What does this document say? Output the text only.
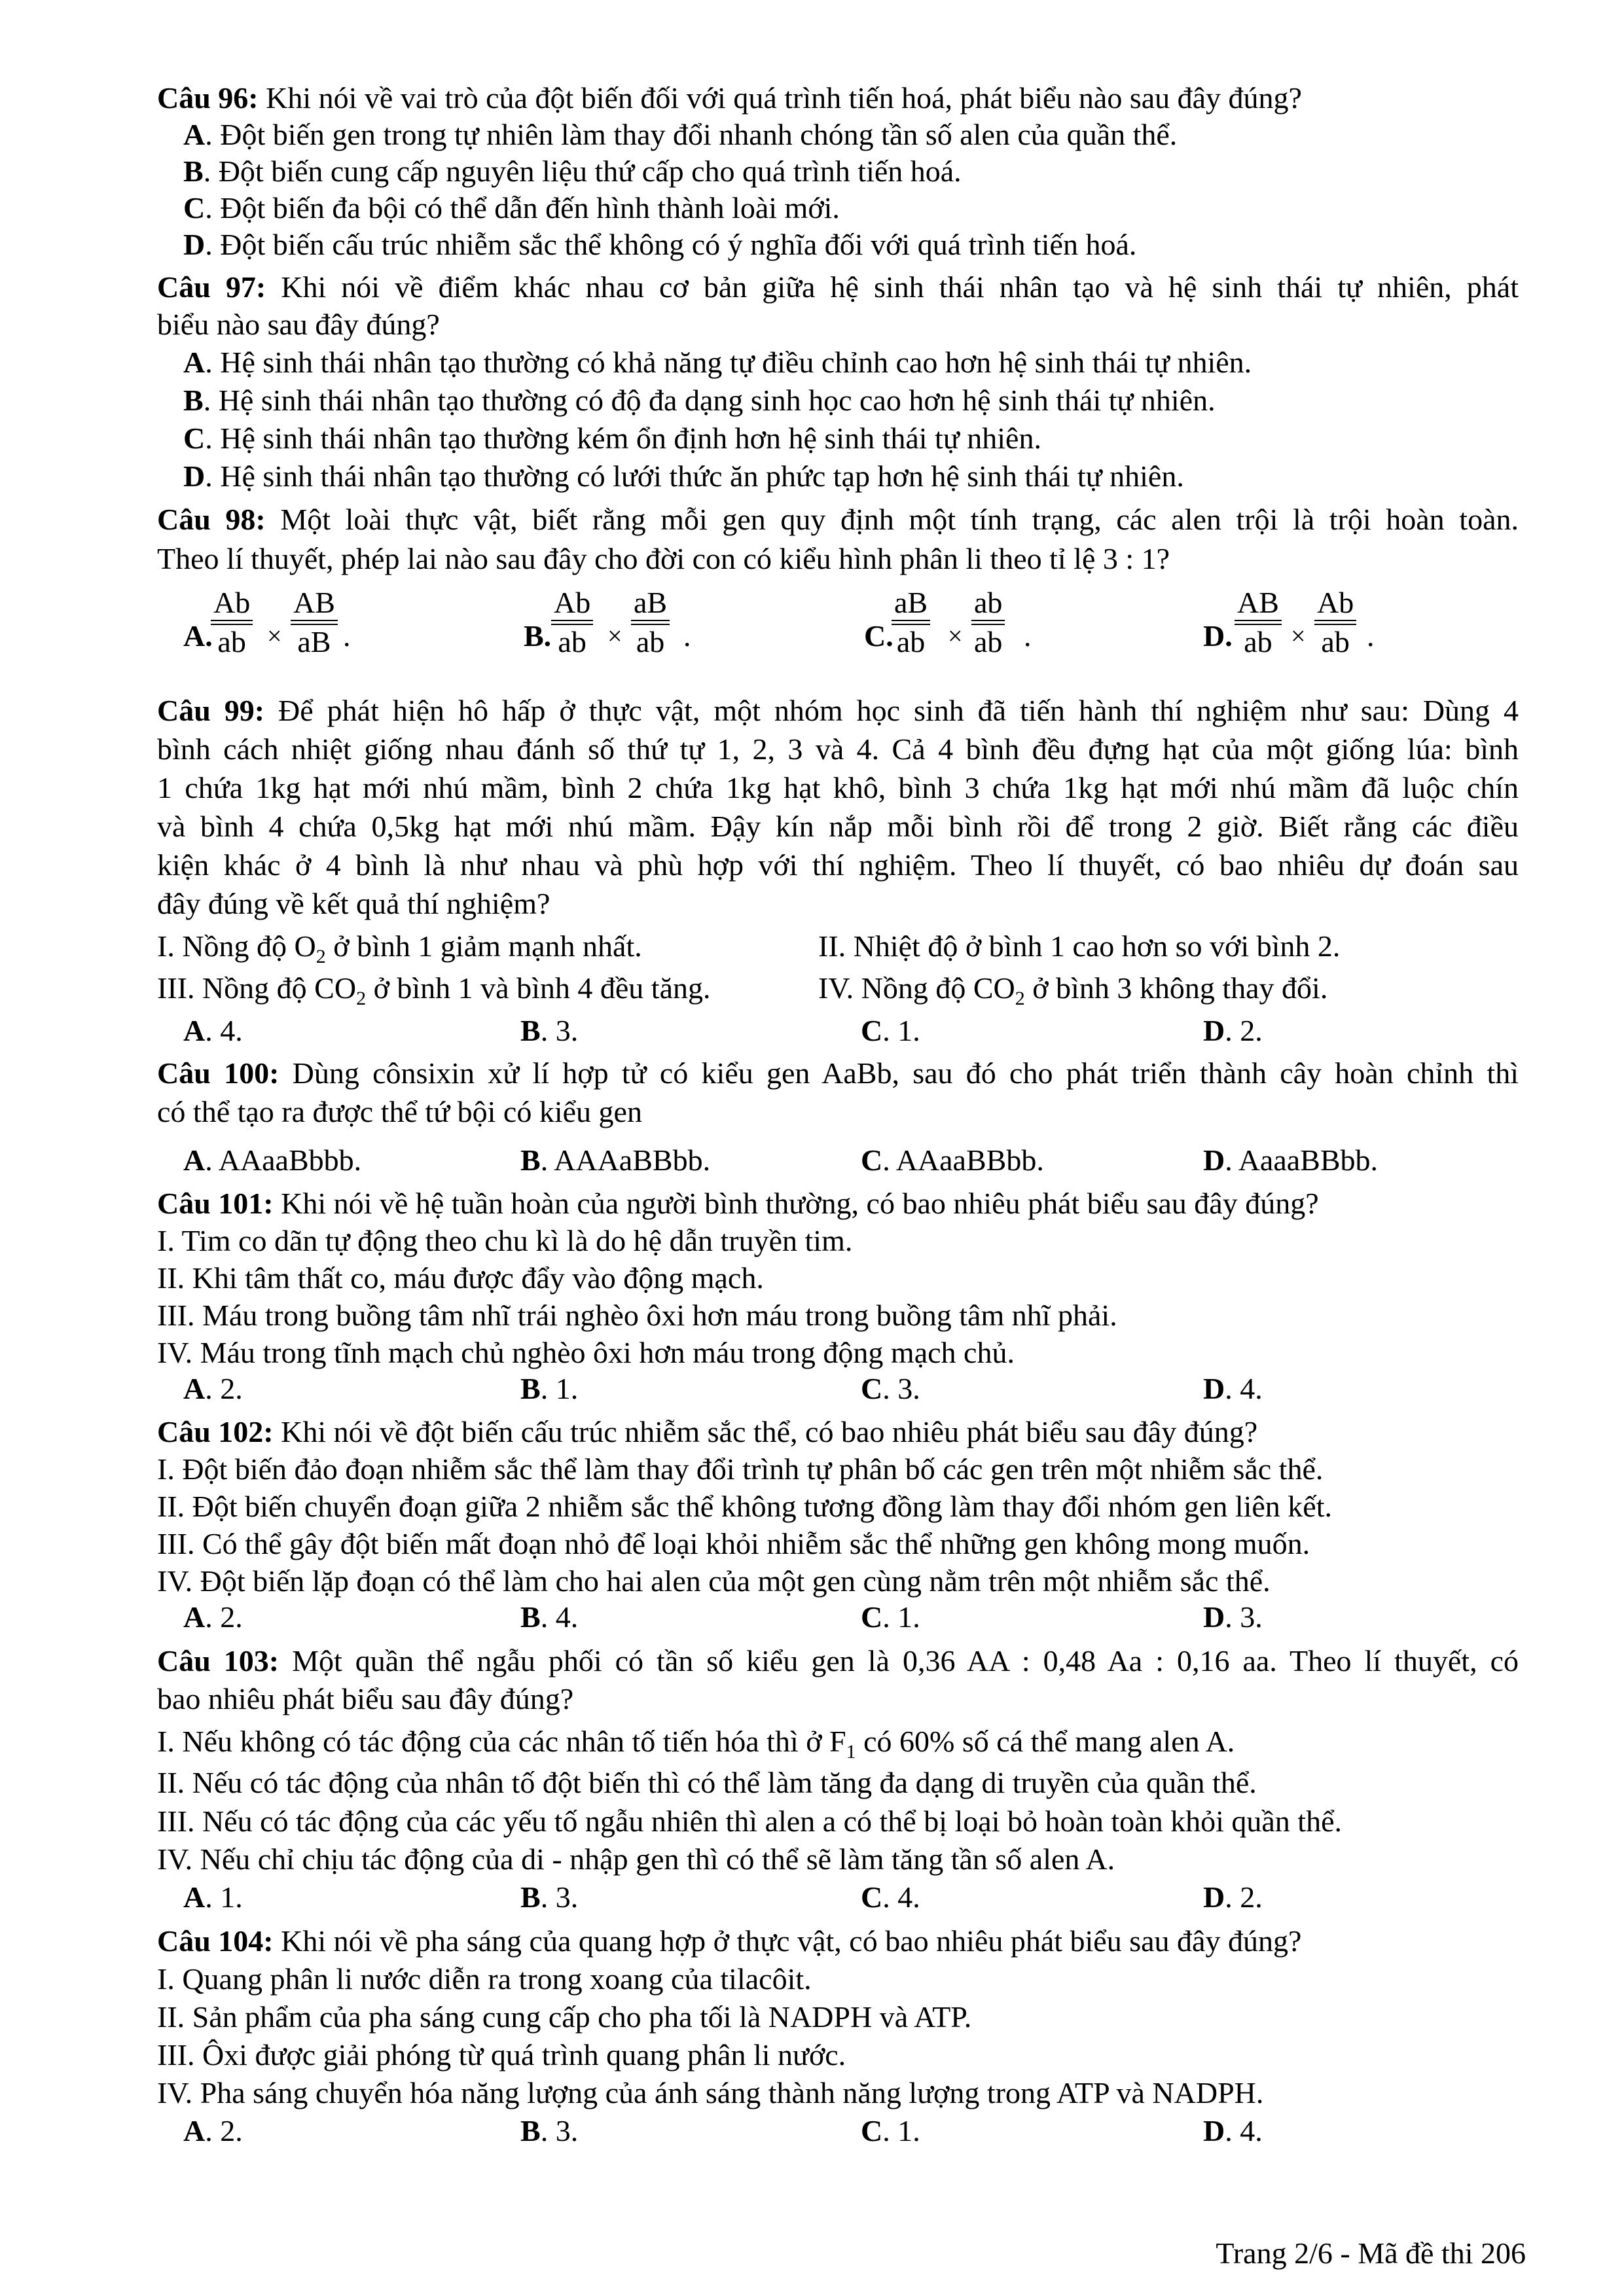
Câu 96: Khi nói về vai trò của đột biến đối với quá trình tiến hoá, phát biểu nào sau đây đúng?
A. Đột biến gen trong tự nhiên làm thay đổi nhanh chóng tần số alen của quần thể.
B. Đột biến cung cấp nguyên liệu thứ cấp cho quá trình tiến hoá.
C. Đột biến đa bội có thể dẫn đến hình thành loài mới.
D. Đột biến cấu trúc nhiễm sắc thể không có ý nghĩa đối với quá trình tiến hoá.
Câu 97: Khi nói về điểm khác nhau cơ bản giữa hệ sinh thái nhân tạo và hệ sinh thái tự nhiên, phát
biểu nào sau đây đúng?
A. Hệ sinh thái nhân tạo thường có khả năng tự điều chỉnh cao hơn hệ sinh thái tự nhiên.
B. Hệ sinh thái nhân tạo thường có độ đa dạng sinh học cao hơn hệ sinh thái tự nhiên.
C. Hệ sinh thái nhân tạo thường kém ổn định hơn hệ sinh thái tự nhiên.
D. Hệ sinh thái nhân tạo thường có lưới thức ăn phức tạp hơn hệ sinh thái tự nhiên.
Câu 98: Một loài thực vật, biết rằng mỗi gen quy định một tính trạng, các alen trội là trội hoàn toàn.
Theo lí thuyết, phép lai nào sau đây cho đời con có kiểu hình phân li theo tỉ lệ 3 : 1?
A.
Ab
ab ×
AB
aB .	B.
Ab
ab ×
aB
ab .	C.
aB
ab ×
ab
ab .	D.
AB
ab ×
Ab
ab .
Câu 99: Để phát hiện hô hấp ở thực vật, một nhóm học sinh đã tiến hành thí nghiệm như sau: Dùng 4
bình cách nhiệt giống nhau đánh số thứ tự 1, 2, 3 và 4. Cả 4 bình đều đựng hạt của một giống lúa: bình
1 chứa 1kg hạt mới nhú mầm, bình 2 chứa 1kg hạt khô, bình 3 chứa 1kg hạt mới nhú mầm đã luộc chín
và bình 4 chứa 0,5kg hạt mới nhú mầm. Đậy kín nắp mỗi bình rồi để trong 2 giờ. Biết rằng các điều
kiện khác ở 4 bình là như nhau và phù hợp với thí nghiệm. Theo lí thuyết, có bao nhiêu dự đoán sau
đây đúng về kết quả thí nghiệm?
I. Nồng độ $O_2$ ở bình 1 giảm mạnh nhất.	II. Nhiệt độ ở bình 1 cao hơn so với bình 2.
III. Nồng độ $CO_2$ ở bình 1 và bình 4 đều tăng.	IV. Nồng độ $CO_2$ ở bình 3 không thay đổi.
A. 4.	B. 3.	C. 1.	D. 2.
Câu 100: Dùng cônsixin xử lí hợp tử có kiểu gen AaBb, sau đó cho phát triển thành cây hoàn chỉnh thì
có thể tạo ra được thể tứ bội có kiểu gen
A. AAaaBbbb.	B. AAAaBBbb.	C. AAaaBBbb.	D. AaaaBBbb.
Câu 101: Khi nói về hệ tuần hoàn của người bình thường, có bao nhiêu phát biểu sau đây đúng?
I. Tim co dãn tự động theo chu kì là do hệ dẫn truyền tim.
II. Khi tâm thất co, máu được đẩy vào động mạch.
III. Máu trong buồng tâm nhĩ trái nghèo ôxi hơn máu trong buồng tâm nhĩ phải.
IV. Máu trong tĩnh mạch chủ nghèo ôxi hơn máu trong động mạch chủ.
A. 2.	B. 1.	C. 3.	D. 4.
Câu 102: Khi nói về đột biến cấu trúc nhiễm sắc thể, có bao nhiêu phát biểu sau đây đúng?
I. Đột biến đảo đoạn nhiễm sắc thể làm thay đổi trình tự phân bố các gen trên một nhiễm sắc thể.
II. Đột biến chuyển đoạn giữa 2 nhiễm sắc thể không tương đồng làm thay đổi nhóm gen liên kết.
III. Có thể gây đột biến mất đoạn nhỏ để loại khỏi nhiễm sắc thể những gen không mong muốn.
IV. Đột biến lặp đoạn có thể làm cho hai alen của một gen cùng nằm trên một nhiễm sắc thể.
A. 2.	B. 4.	C. 1.	D. 3.
Câu 103: Một quần thể ngẫu phối có tần số kiểu gen là 0,36 AA : 0,48 Aa : 0,16 aa. Theo lí thuyết, có
bao nhiêu phát biểu sau đây đúng?
I. Nếu không có tác động của các nhân tố tiến hóa thì ở $F_1$ có 60% số cá thể mang alen A.
II. Nếu có tác động của nhân tố đột biến thì có thể làm tăng đa dạng di truyền của quần thể.
III. Nếu có tác động của các yếu tố ngẫu nhiên thì alen a có thể bị loại bỏ hoàn toàn khỏi quần thể.
IV. Nếu chỉ chịu tác động của di - nhập gen thì có thể sẽ làm tăng tần số alen A.
A. 1.	B. 3.	C. 4.	D. 2.
Câu 104: Khi nói về pha sáng của quang hợp ở thực vật, có bao nhiêu phát biểu sau đây đúng?
I. Quang phân li nước diễn ra trong xoang của tilacôit.
II. Sản phẩm của pha sáng cung cấp cho pha tối là NADPH và ATP.
III. Ôxi được giải phóng từ quá trình quang phân li nước.
IV. Pha sáng chuyển hóa năng lượng của ánh sáng thành năng lượng trong ATP và NADPH.
A. 2.	B. 3.	C. 1.	D. 4.
Trang 2/6 - Mã đề thi 206
